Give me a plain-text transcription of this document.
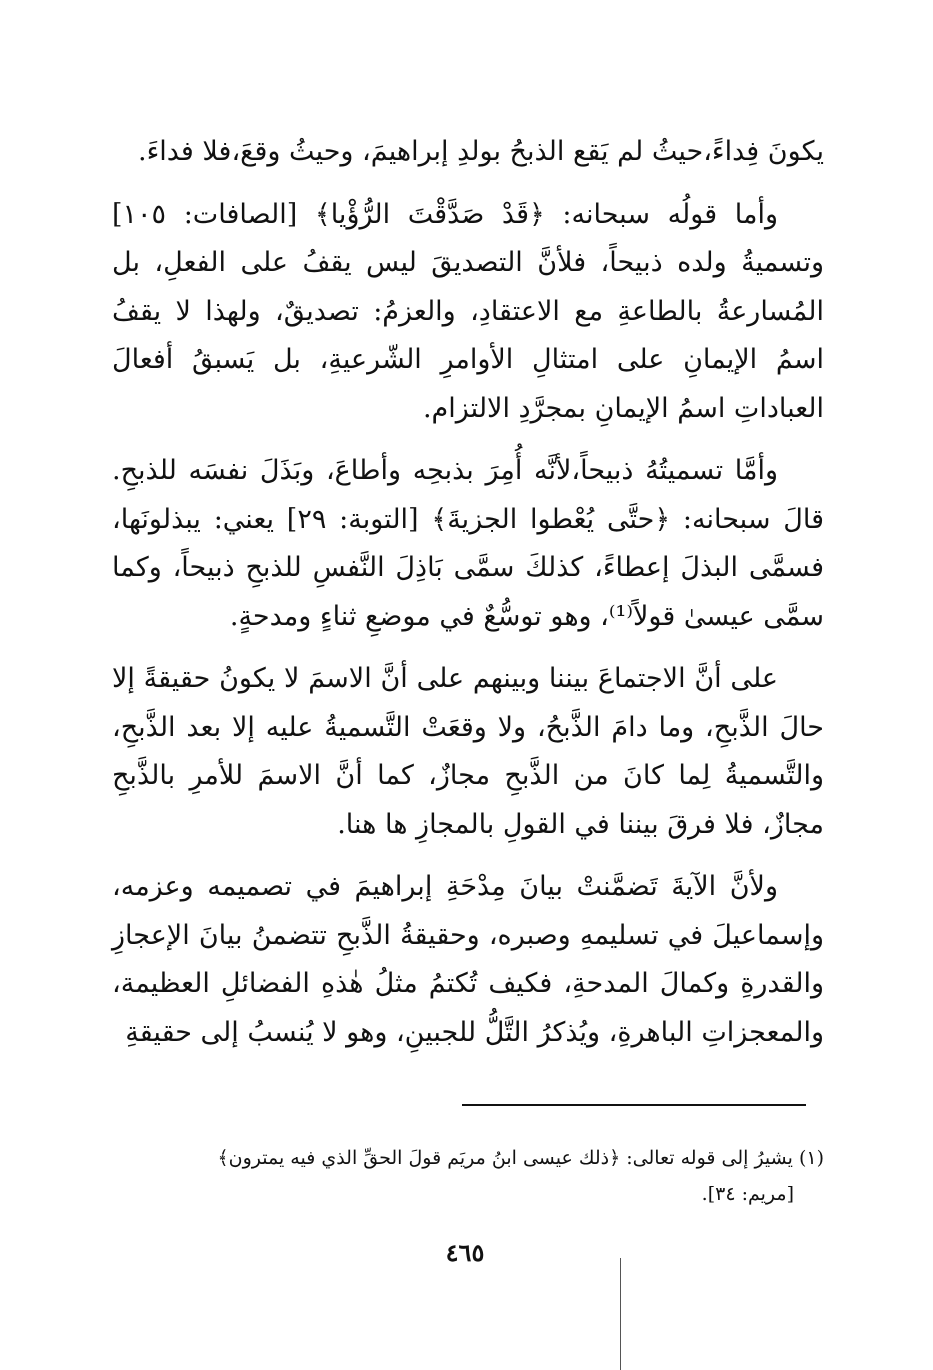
يكونَ فِداءً،حيثُ لم يَقع الذبحُ بولدِ إبراهيمَ، وحيثُ وقعَ،فلا فداءَ.

وأما قولُه سبحانه: ﴿قَدْ صَدَّقْتَ الرُّؤْيا﴾ [الصافات: ١٠٥] وتسميةُ ولده ذبيحاً، فلأنَّ التصديقَ ليس يقفُ على الفعلِ، بل المُسارعةُ بالطاعةِ مع الاعتقادِ، والعزمُ: تصديقٌ، ولهذا لا يقفُ اسمُ الإيمانِ على امتثالِ الأوامرِ الشّرعيةِ، بل يَسبقُ أفعالَ العباداتِ اسمُ الإيمانِ بمجرَّدِ الالتزام.

وأمَّا تسميتُهُ ذبيحاً،لأنَّه أُمِرَ بذبحِه وأطاعَ، وبَذَلَ نفسَه للذبحِ. قالَ سبحانه: ﴿حتَّى يُعْطوا الجزيةَ﴾ [التوبة: ٢٩] يعني: يبذلونَها، فسمَّى البذلَ إعطاءً، كذلكَ سمَّى بَاذِلَ النَّفسِ للذبحِ ذبيحاً، وكما سمَّى عيسىٰ قولاً⁽¹⁾، وهو توسُّعٌ في موضعِ ثناءٍ ومدحةٍ.

على أنَّ الاجتماعَ بيننا وبينهم على أنَّ الاسمَ لا يكونُ حقيقةً إلا حالَ الذَّبحِ، وما دامَ الذَّبحُ، ولا وقعَتْ التَّسميةُ عليه إلا بعد الذَّبحِ، والتَّسميةُ لِما كانَ من الذَّبحِ مجازٌ، كما أنَّ الاسمَ للأمرِ بالذَّبحِ مجازٌ، فلا فرقَ بيننا في القولِ بالمجازِ ها هنا.

ولأنَّ الآيةَ تَضمَّنتْ بيانَ مِدْحَةِ إبراهيمَ في تصميمه وعزمه، وإسماعيلَ في تسليمهِ وصبره، وحقيقةُ الذَّبحِ تتضمنُ بيانَ الإعجازِ والقدرةِ وكمالَ المدحةِ، فكيف تُكتمُ مثلُ هٰذهِ الفضائلِ العظيمة، والمعجزاتِ الباهرةِ، ويُذكرُ التَّلُّ للجبينِ، وهو لا يُنسبُ إلى حقيقةِ

(١) يشيرُ إلى قوله تعالى: ﴿ذلك عيسى ابنُ مريَم قولَ الحقِّ الذي فيه يمترون﴾
[مريم: ٣٤].
٤٦٥
